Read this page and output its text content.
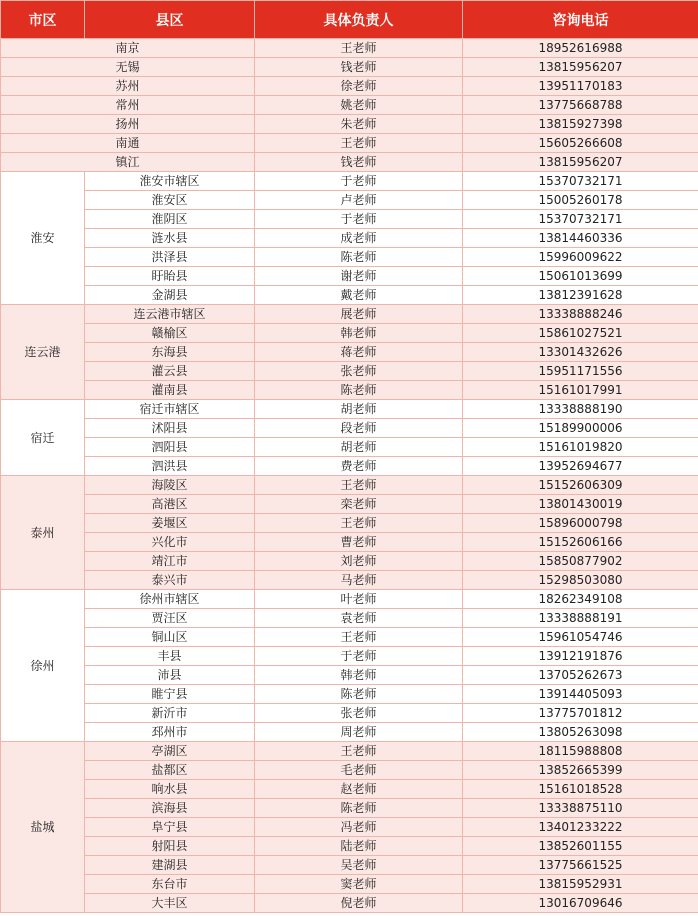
市区	县区	具体负责人	咨询电话
南京		王老师	18952616988
无锡		钱老师	13815956207
苏州		徐老师	13951170183
常州		姚老师	13775668788
扬州		朱老师	13815927398
南通		王老师	15605266608
镇江		钱老师	13815956207
淮安	淮安市辖区	于老师	15370732171
	淮安区	卢老师	15005260178
	淮阴区	于老师	15370732171
	涟水县	成老师	13814460336
	洪泽县	陈老师	15996009622
	盱眙县	谢老师	15061013699
	金湖县	戴老师	13812391628
连云港	连云港市辖区	展老师	13338888246
	赣榆区	韩老师	15861027521
	东海县	蒋老师	13301432626
	灌云县	张老师	15951171556
	灌南县	陈老师	15161017991
宿迁	宿迁市辖区	胡老师	13338888190
	沭阳县	段老师	15189900006
	泗阳县	胡老师	15161019820
	泗洪县	费老师	13952694677
泰州	海陵区	王老师	15152606309
	高港区	栾老师	13801430019
	姜堰区	王老师	15896000798
	兴化市	曹老师	15152606166
	靖江市	刘老师	15850877902
	泰兴市	马老师	15298503080
徐州	徐州市辖区	叶老师	18262349108
	贾汪区	袁老师	13338888191
	铜山区	王老师	15961054746
	丰县	于老师	13912191876
	沛县	韩老师	13705262673
	睢宁县	陈老师	13914405093
	新沂市	张老师	13775701812
	邳州市	周老师	13805263098
盐城	亭湖区	王老师	18115988808
	盐都区	毛老师	13852665399
	响水县	赵老师	15161018528
	滨海县	陈老师	13338875110
	阜宁县	冯老师	13401233222
	射阳县	陆老师	13852601155
	建湖县	吴老师	13775661525
	东台市	窦老师	13815952931
	大丰区	倪老师	13016709646
